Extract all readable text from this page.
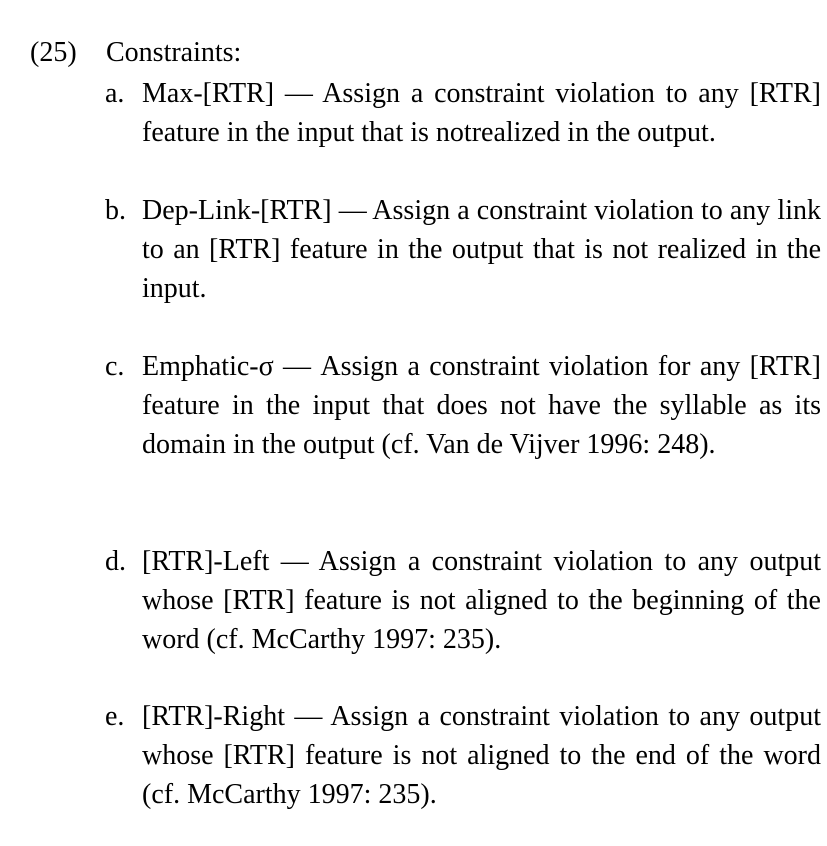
(25)	Constraints:
a. Max-[RTR] — Assign a constraint violation to any [RTR] feature in the input that is notrealized in the output.
b. Dep-Link-[RTR] — Assign a constraint violation to any link to an [RTR] feature in the output that is not realized in the input.
c. Emphatic-σ — Assign a constraint violation for any [RTR] feature in the input that does not have the syllable as its domain in the output (cf. Van de Vijver 1996: 248).
d. [RTR]-Left — Assign a constraint violation to any output whose [RTR] feature is not aligned to the beginning of the word (cf. McCarthy 1997: 235).
e. [RTR]-Right — Assign a constraint violation to any output whose [RTR] feature is not aligned to the end of the word (cf. McCarthy 1997: 235).
